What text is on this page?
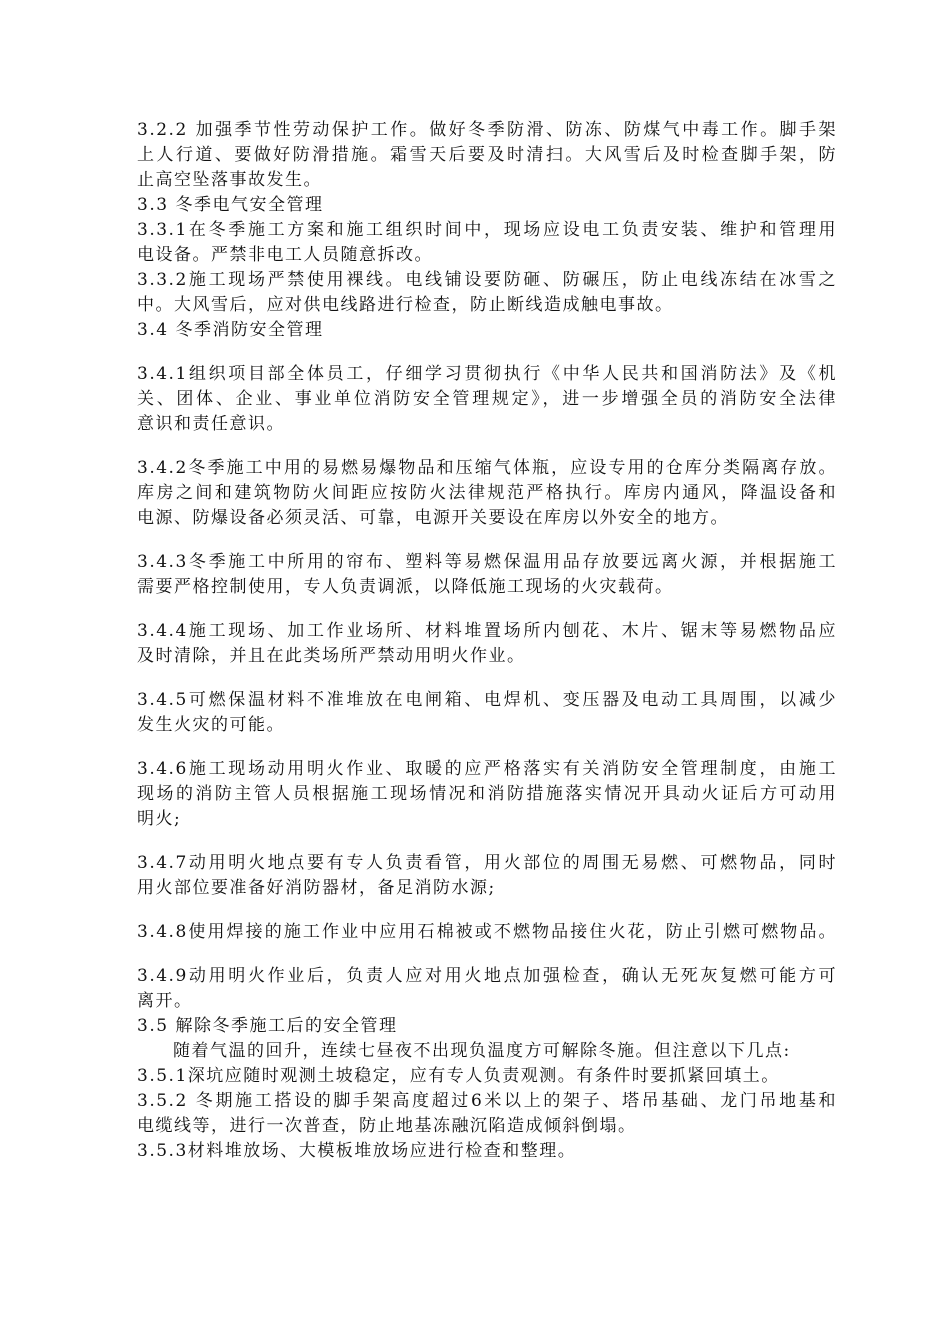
3.2.2 加强季节性劳动保护工作。做好冬季防滑、防冻、防煤气中毒工作。脚手架
上人行道、要做好防滑措施。霜雪天后要及时清扫。大风雪后及时检查脚手架，防
止高空坠落事故发生。
3.3 冬季电气安全管理
3.3.1在冬季施工方案和施工组织时间中，现场应设电工负责安装、维护和管理用
电设备。严禁非电工人员随意拆改。
3.3.2施工现场严禁使用裸线。电线铺设要防砸、防碾压，防止电线冻结在冰雪之
中。大风雪后，应对供电线路进行检查，防止断线造成触电事故。
3.4 冬季消防安全管理
3.4.1组织项目部全体员工，仔细学习贯彻执行《中华人民共和国消防法》及《机
关、团体、企业、事业单位消防安全管理规定》，进一步增强全员的消防安全法律
意识和责任意识。
3.4.2冬季施工中用的易燃易爆物品和压缩气体瓶，应设专用的仓库分类隔离存放。
库房之间和建筑物防火间距应按防火法律规范严格执行。库房内通风，降温设备和
电源、防爆设备必须灵活、可靠，电源开关要设在库房以外安全的地方。
3.4.3冬季施工中所用的帘布、塑料等易燃保温用品存放要远离火源，并根据施工
需要严格控制使用，专人负责调派，以降低施工现场的火灾载荷。
3.4.4施工现场、加工作业场所、材料堆置场所内刨花、木片、锯末等易燃物品应
及时清除，并且在此类场所严禁动用明火作业。
3.4.5可燃保温材料不准堆放在电闸箱、电焊机、变压器及电动工具周围，以减少
发生火灾的可能。
3.4.6施工现场动用明火作业、取暖的应严格落实有关消防安全管理制度，由施工
现场的消防主管人员根据施工现场情况和消防措施落实情况开具动火证后方可动用
明火;
3.4.7动用明火地点要有专人负责看管，用火部位的周围无易燃、可燃物品，同时
用火部位要准备好消防器材，备足消防水源;
3.4.8使用焊接的施工作业中应用石棉被或不燃物品接住火花，防止引燃可燃物品。
3.4.9动用明火作业后，负责人应对用火地点加强检查，确认无死灰复燃可能方可
离开。
3.5 解除冬季施工后的安全管理
随着气温的回升，连续七昼夜不出现负温度方可解除冬施。但注意以下几点:
3.5.1深坑应随时观测土坡稳定，应有专人负责观测。有条件时要抓紧回填土。
3.5.2 冬期施工搭设的脚手架高度超过6米以上的架子、塔吊基础、龙门吊地基和
电缆线等，进行一次普查，防止地基冻融沉陷造成倾斜倒塌。
3.5.3材料堆放场、大模板堆放场应进行检查和整理。
